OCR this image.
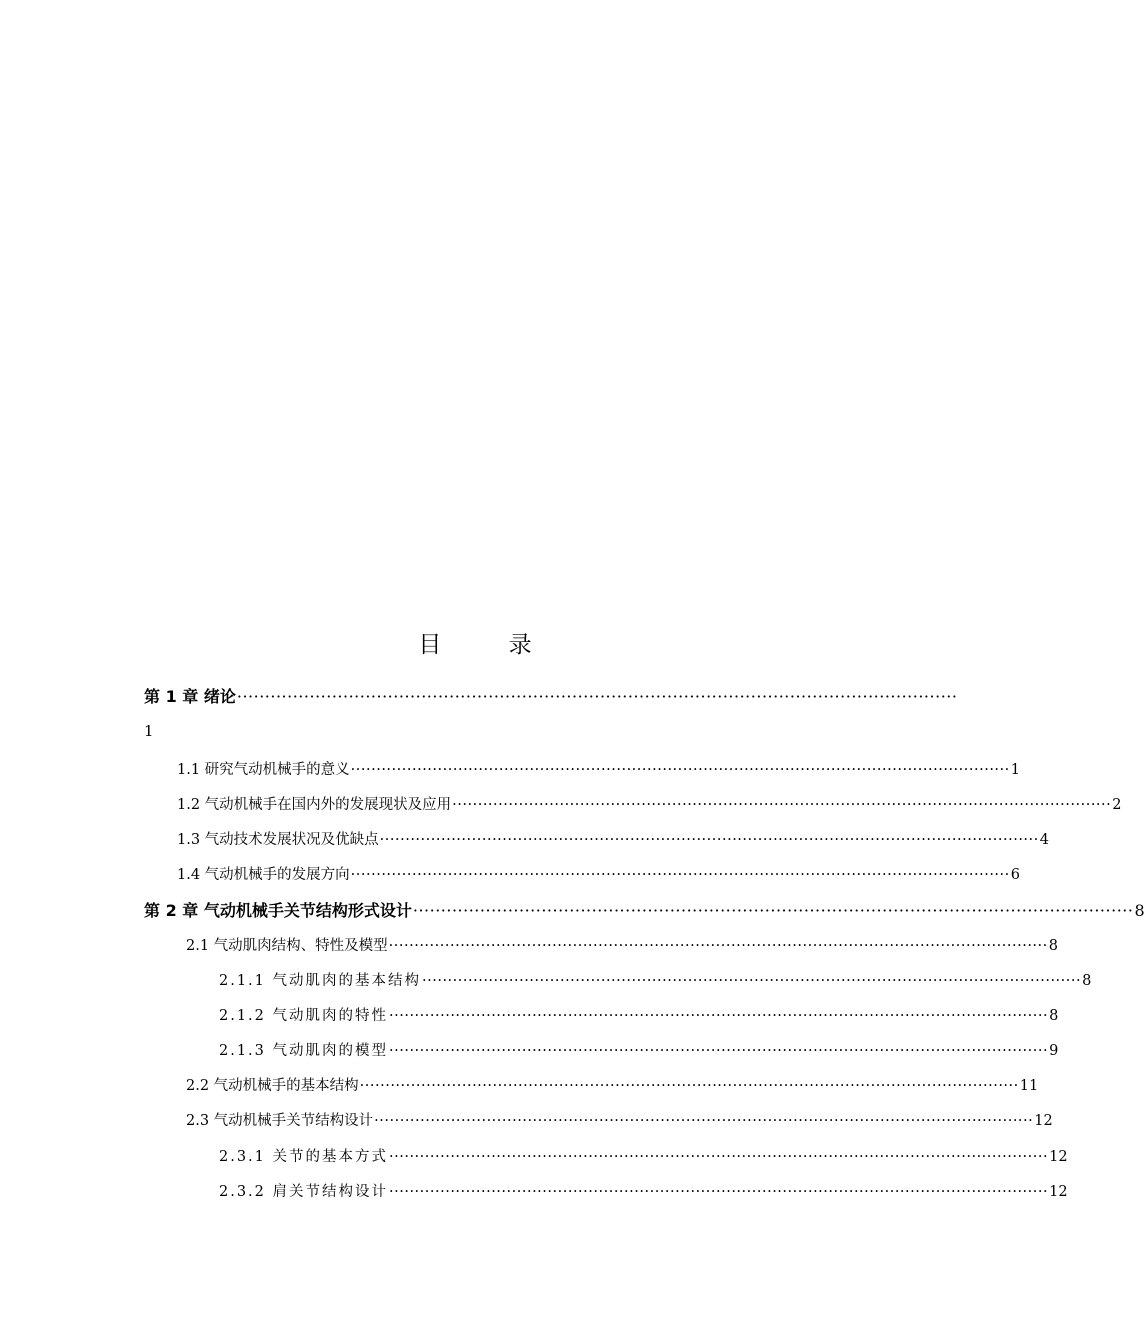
目 录
第 1 章 绪论 ·································································································································
1
1.1 研究气动机械手的意义 ································································································································· 1
1.2 气动机械手在国内外的发展现状及应用 ································································································································· 2
1.3 气动技术发展状况及优缺点 ································································································································· 4
1.4 气动机械手的发展方向 ································································································································· 6
第 2 章 气动机械手关节结构形式设计 ································································································································· 8
2.1 气动肌肉结构、特性及模型 ································································································································· 8
2.1.1 气动肌肉的基本结构 ································································································································· 8
2.1.2 气动肌肉的特性 ································································································································· 8
2.1.3 气动肌肉的模型 ································································································································· 9
2.2 气动机械手的基本结构 ································································································································· 11
2.3 气动机械手关节结构设计 ································································································································· 12
2.3.1 关节的基本方式 ································································································································· 12
2.3.2 肩关节结构设计 ································································································································· 12
